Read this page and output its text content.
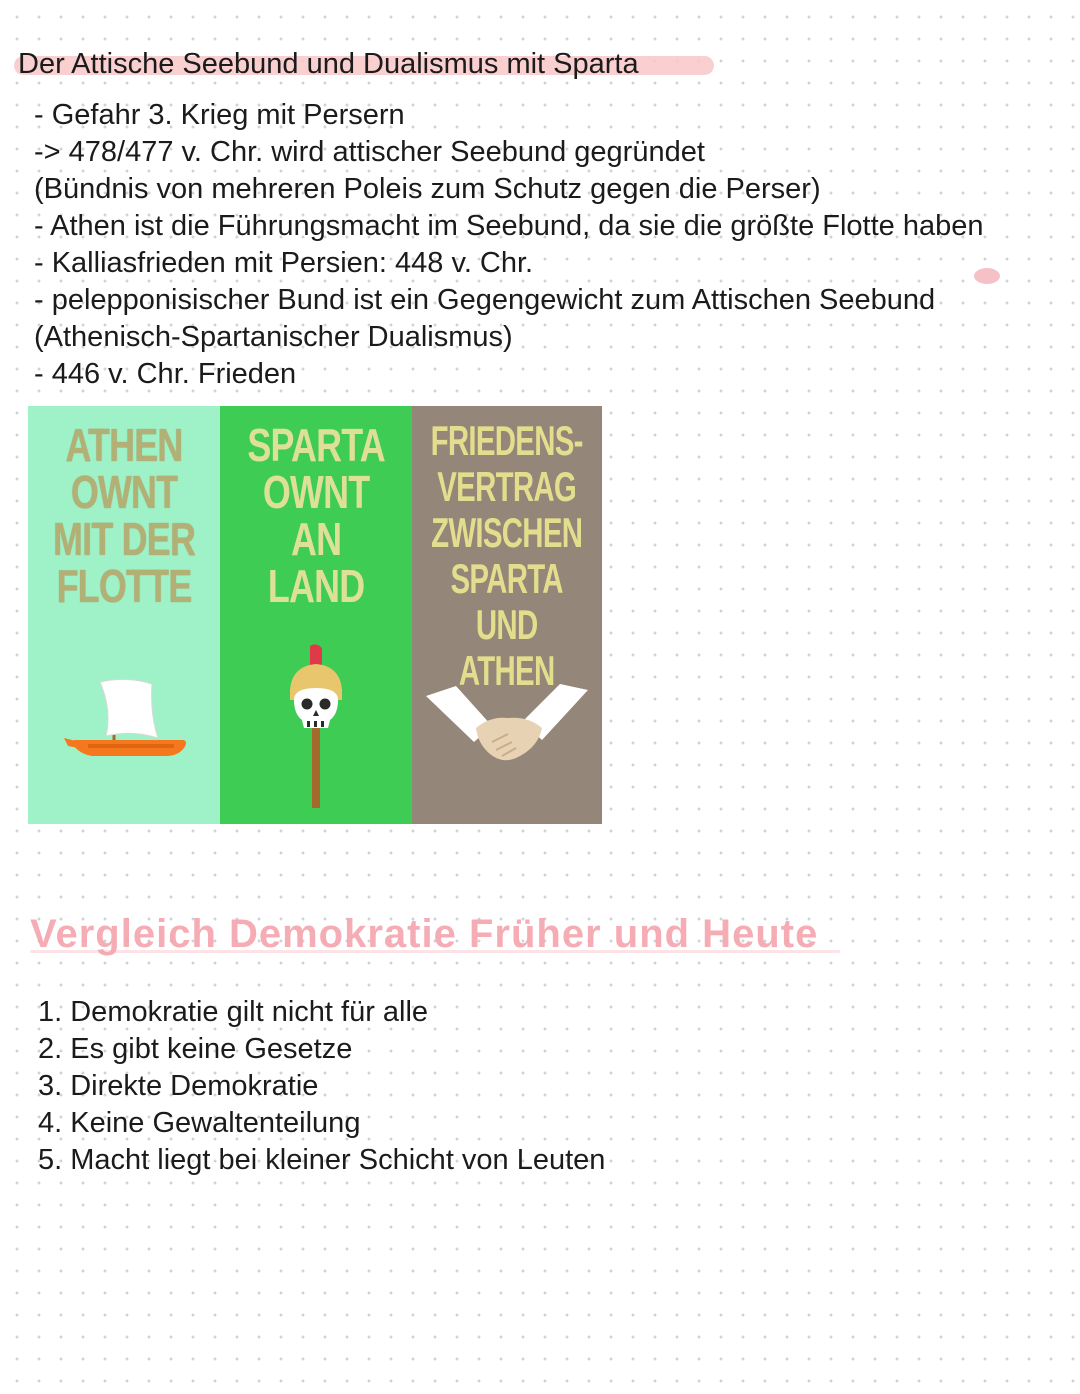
Der Attische Seebund und Dualismus mit Sparta
- Gefahr 3. Krieg mit Persern
-> 478/477 v. Chr. wird attischer Seebund gegründet
(Bündnis von mehreren Poleis zum Schutz gegen die Perser)
- Athen ist die Führungsmacht im Seebund, da sie die größte Flotte haben
- Kalliasfrieden mit Persien: 448 v. Chr.
- pelepponisischer Bund ist ein Gegengewicht zum Attischen Seebund
(Athenisch-Spartanischer Dualismus)
- 446 v. Chr. Frieden
ATHEN
OWNT
MIT DER
FLOTTE
SPARTA
OWNT
AN
LAND
FRIEDENS-
VERTRAG
ZWISCHEN
SPARTA
UND ATHEN
Vergleich Demokratie Früher und Heute
1. Demokratie gilt nicht für alle
2. Es gibt keine Gesetze
3. Direkte Demokratie
4. Keine Gewaltenteilung
5. Macht liegt bei kleiner Schicht von Leuten
